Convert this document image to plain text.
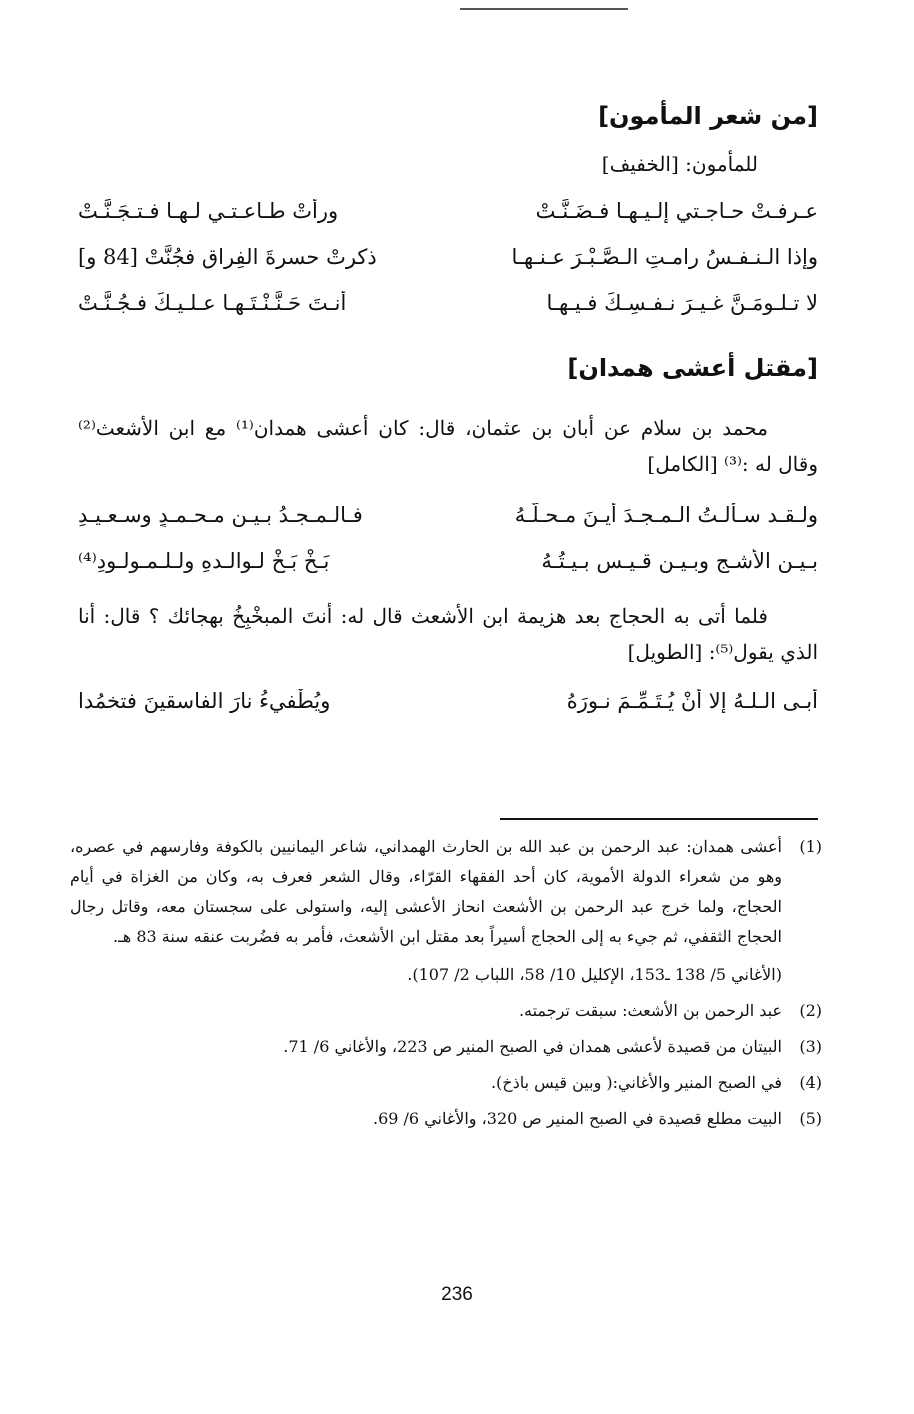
[من شعر المأمون]
للمأمون: [الخفيف]
عـرفـتْ حـاجـتي إلـيـهـا فـضَـنَّـتْ
ورأتْ طـاعـتـي لـهـا فـتـجَـنَّـتْ
وإذا الـنـفـسُ رامـتِ الـصَّـبْـرَ عـنـهـا
ذكرتْ حسرةَ الفِراقِ فجُنَّتْ [84 و]
لا تـلـومَـنَّ غـيـرَ نـفـسِـكَ فـيـهـا
أنـتَ حَـنَّـنْـتَـهـا عـلـيـكَ فـجُـنَّـتْ
[مقتل أعشى همدان]

محمد بن سلام عن أبان بن عثمان، قال: كان أعشى همدان⁽¹⁾ مع ابن الأشعث⁽²⁾ وقال له :⁽³⁾ [الكامل]

ولـقـد سـألـتُ الـمـجـدَ أيـنَ مـحـلُّـهُ
فـالـمـجـدُ بـيـن مـحـمـدٍ وسـعـيـدِ
بـيـن الأشـجِ وبـيـن قـيـسٍ بـيـتُـهُ
بَـخْ بَـخْ لـوالـدهِ ولـلـمـولـودِ⁽⁴⁾

فلما أتى به الحجاج بعد هزيمة ابن الأشعث قال له: أنتَ المبخْبِخُ بهجائك ؟ قال: أنا الذي يقول⁽⁵⁾: [الطويل]

أبـى الـلـهُ إلا أنْ يُـتَـمِّـمَ نـورَهُ
ويُطْفيءُ نارَ الفاسقينَ فتخمُدا
(1)
أعشى همدان: عبد الرحمن بن عبد الله بن الحارث الهمداني، شاعر اليمانيين بالكوفة وفارسهم في عصره، وهو من شعراء الدولة الأموية، كان أحد الفقهاء القرّاء، وقال الشعر فعرف به، وكان من الغزاة في أيام الحجاج، ولما خرج عبد الرحمن بن الأشعث انحاز الأعشى إليه، واستولى على سجستان معه، وقاتل رجال الحجاج الثقفي، ثم جيء به إلى الحجاج أسيراً بعد مقتل ابن الأشعث، فأمر به فضُربت عنقه سنة 83 هـ.
(الأغاني 5/ 138 ـ153، الإكليل 10/ 58، اللباب 2/ 107).
(2)
عبد الرحمن بن الأشعث: سبقت ترجمته.
(3)
البيتان من قصيدة لأعشى همدان في الصبح المنير ص 223، والأغاني 6/ 71.
(4)
في الصبح المنير والأغاني:( وبين قيس باذخ).
(5)
البيت مطلع قصيدة في الصبح المنير ص 320، والأغاني 6/ 69.
236
